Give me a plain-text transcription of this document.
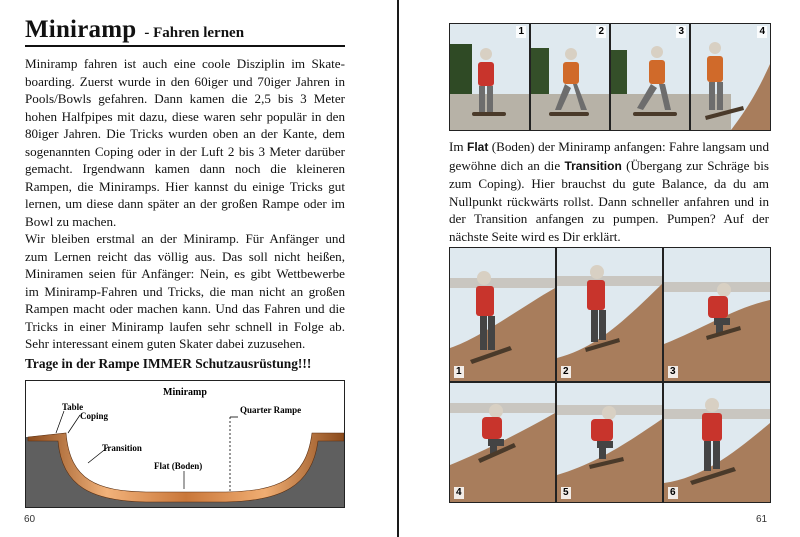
Miniramp - Fahren lernen

Miniramp fahren ist auch eine coole Disziplin im Skateboarding. Zuerst wurde in den 60iger und 70iger Jahren in Pools/Bowls gefahren. Dann kamen die 2,5 bis 3 Meter hohen Halfpipes mit dazu, diese waren sehr populär in den 80iger Jahren. Die Tricks wurden oben an der Kante, dem sogenannten Coping oder in der Luft 2 bis 3 Meter darüber gemacht. Irgendwann kamen dann noch die kleineren Rampen, die Miniramps. Hier kannst du einige Tricks gut lernen, um diese dann später an der großen Rampe oder im Bowl zu machen.

Wir bleiben erstmal an der Miniramp. Für Anfänger und zum Lernen reicht das völlig aus. Das soll nicht heißen, Miniramen seien für Anfänger: Nein, es gibt Wettbewerbe im Miniramp-Fahren und Tricks, die man nicht an großen Rampen macht oder machen kann. Und das Fahren und die Tricks in einer Miniramp laufen sehr schnell in Folge ab. Sehr interessant einem guten Skater dabei zuzusehen.

Trage in der Rampe IMMER Schutzausrüstung!!!
Miniramp
Table
Coping
Transition
Flat (Boden)
Quarter Rampe
60
1	2	3	4

Im Flat (Boden) der Miniramp anfangen: Fahre langsam und gewöhne dich an die Transition (Übergang zur Schräge bis zum Coping). Hier brauchst du gute Balance, da du am Nullpunkt rückwärts rollst. Dann schneller anfahren und in der Transition anfangen zu pumpen. Pumpen? Auf der nächste Seite wird es Dir erklärt.

1	2	3
4	5	6
61
